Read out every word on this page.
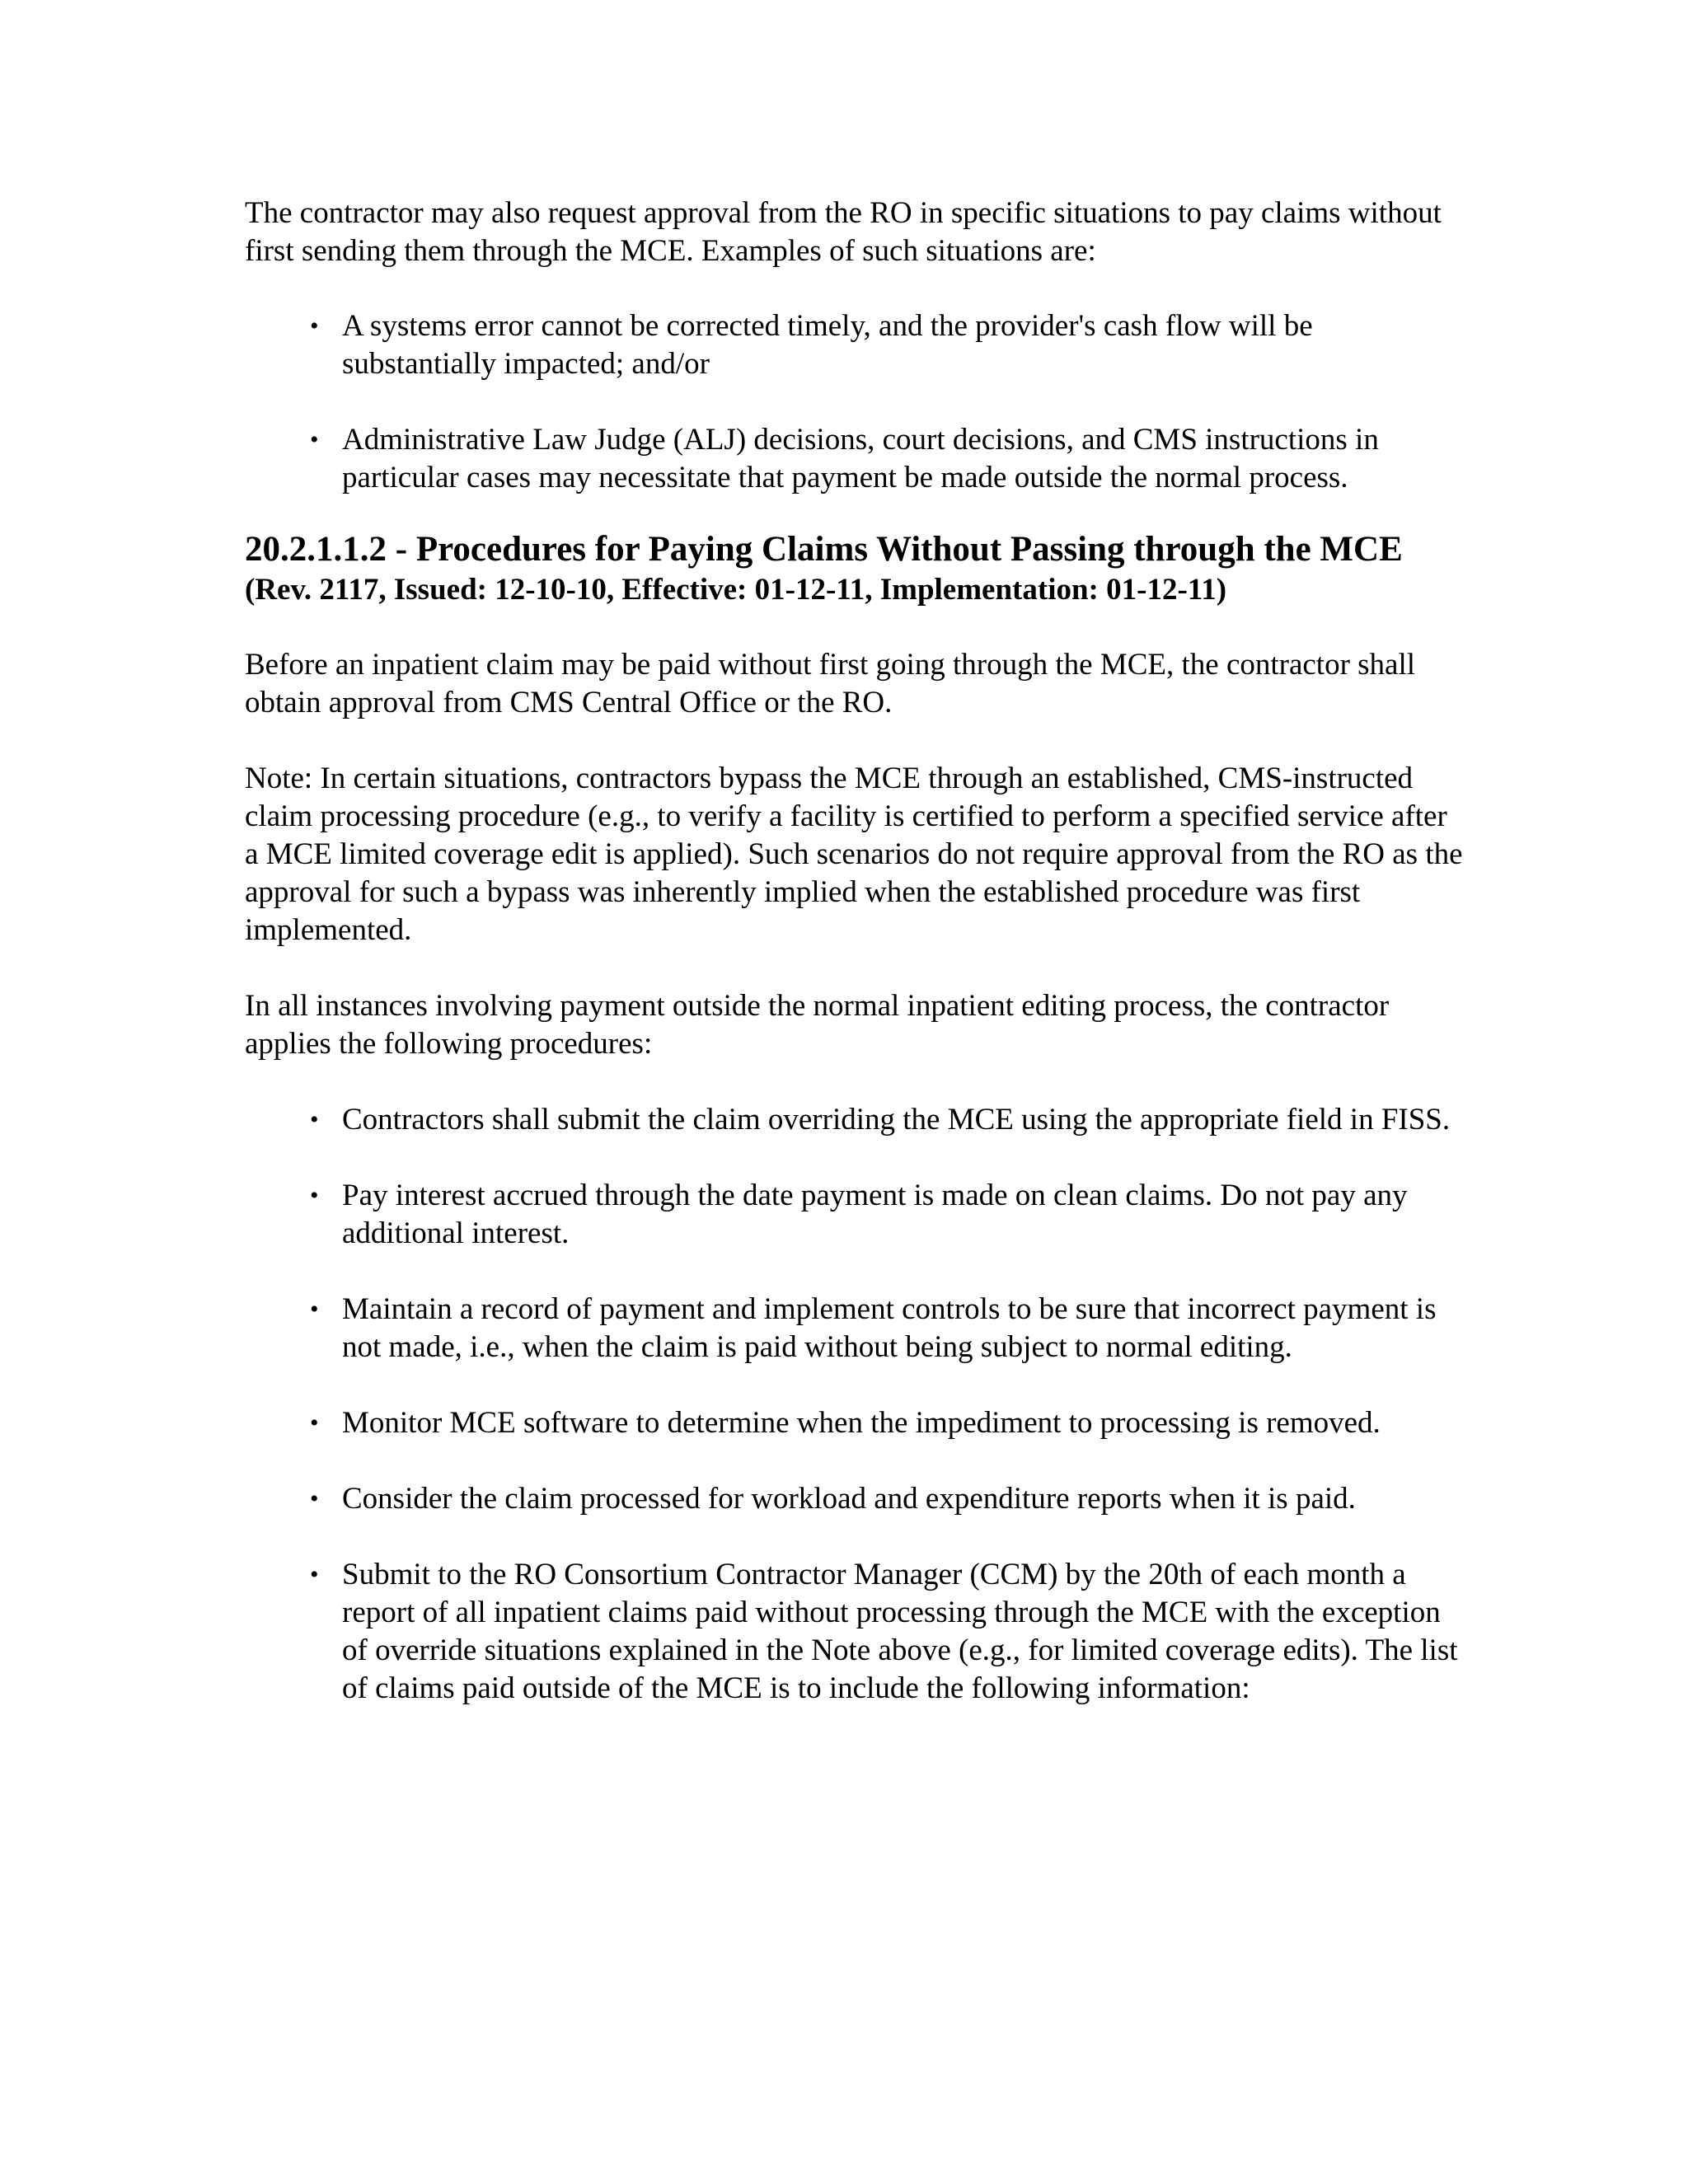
The contractor may also request approval from the RO in specific situations to pay claims without first sending them through the MCE. Examples of such situations are:

• A systems error cannot be corrected timely, and the provider's cash flow will be substantially impacted; and/or
• Administrative Law Judge (ALJ) decisions, court decisions, and CMS instructions in particular cases may necessitate that payment be made outside the normal process.
20.2.1.1.2 - Procedures for Paying Claims Without Passing through the MCE

(Rev. 2117, Issued: 12-10-10, Effective: 01-12-11, Implementation: 01-12-11)

Before an inpatient claim may be paid without first going through the MCE, the contractor shall obtain approval from CMS Central Office or the RO.

Note: In certain situations, contractors bypass the MCE through an established, CMS-instructed claim processing procedure (e.g., to verify a facility is certified to perform a specified service after a MCE limited coverage edit is applied). Such scenarios do not require approval from the RO as the approval for such a bypass was inherently implied when the established procedure was first implemented.

In all instances involving payment outside the normal inpatient editing process, the contractor applies the following procedures:

• Contractors shall submit the claim overriding the MCE using the appropriate field in FISS.
• Pay interest accrued through the date payment is made on clean claims. Do not pay any additional interest.
• Maintain a record of payment and implement controls to be sure that incorrect payment is not made, i.e., when the claim is paid without being subject to normal editing.
• Monitor MCE software to determine when the impediment to processing is removed.
• Consider the claim processed for workload and expenditure reports when it is paid.
• Submit to the RO Consortium Contractor Manager (CCM) by the 20th of each month a report of all inpatient claims paid without processing through the MCE with the exception of override situations explained in the Note above (e.g., for limited coverage edits). The list of claims paid outside of the MCE is to include the following information:
